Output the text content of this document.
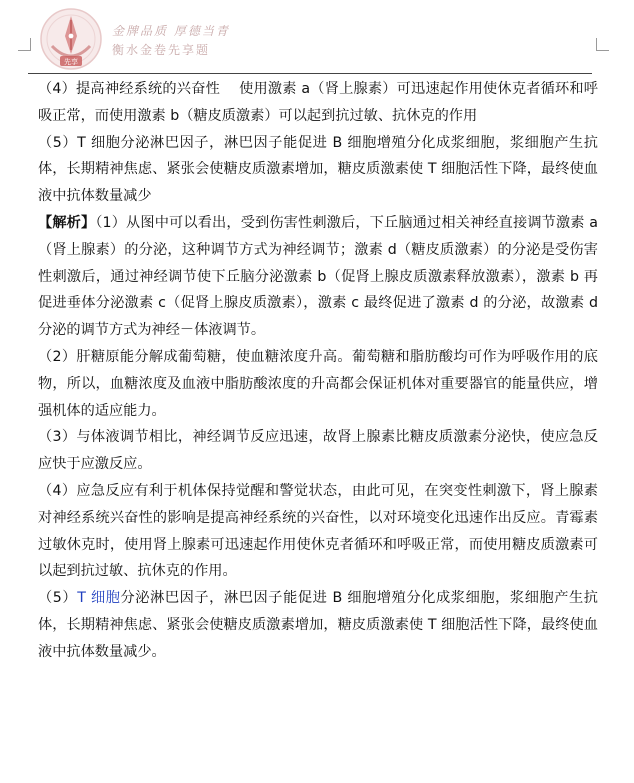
先享
金牌品质 厚德当青
衡水金卷先享题

（4）提高神经系统的兴奋性　 使用激素 a（肾上腺素）可迅速起作用使休克者循环和呼吸正常，而使用激素 b（糖皮质激素）可以起到抗过敏、抗休克的作用

（5）T 细胞分泌淋巴因子，淋巴因子能促进 B 细胞增殖分化成浆细胞，浆细胞产生抗体，长期精神焦虑、紧张会使糖皮质激素增加，糖皮质激素使 T 细胞活性下降，最终使血液中抗体数量减少

【解析】（1）从图中可以看出，受到伤害性刺激后，下丘脑通过相关神经直接调节激素 a（肾上腺素）的分泌，这种调节方式为神经调节；激素 d（糖皮质激素）的分泌是受伤害性刺激后，通过神经调节使下丘脑分泌激素 b（促肾上腺皮质激素释放激素），激素 b 再促进垂体分泌激素 c（促肾上腺皮质激素），激素 c 最终促进了激素 d 的分泌，故激素 d 分泌的调节方式为神经－体液调节。

（2）肝糖原能分解成葡萄糖，使血糖浓度升高。葡萄糖和脂肪酸均可作为呼吸作用的底物，所以，血糖浓度及血液中脂肪酸浓度的升高都会保证机体对重要器官的能量供应，增强机体的适应能力。

（3）与体液调节相比，神经调节反应迅速，故肾上腺素比糖皮质激素分泌快，使应急反应快于应激反应。

（4）应急反应有利于机体保持觉醒和警觉状态，由此可见，在突变性刺激下，肾上腺素对神经系统兴奋性的影响是提高神经系统的兴奋性，以对环境变化迅速作出反应。青霉素过敏休克时，使用肾上腺素可迅速起作用使休克者循环和呼吸正常，而使用糖皮质激素可以起到抗过敏、抗休克的作用。

（5）T 细胞分泌淋巴因子，淋巴因子能促进 B 细胞增殖分化成浆细胞，浆细胞产生抗体，长期精神焦虑、紧张会使糖皮质激素增加，糖皮质激素使 T 细胞活性下降，最终使血液中抗体数量减少。
